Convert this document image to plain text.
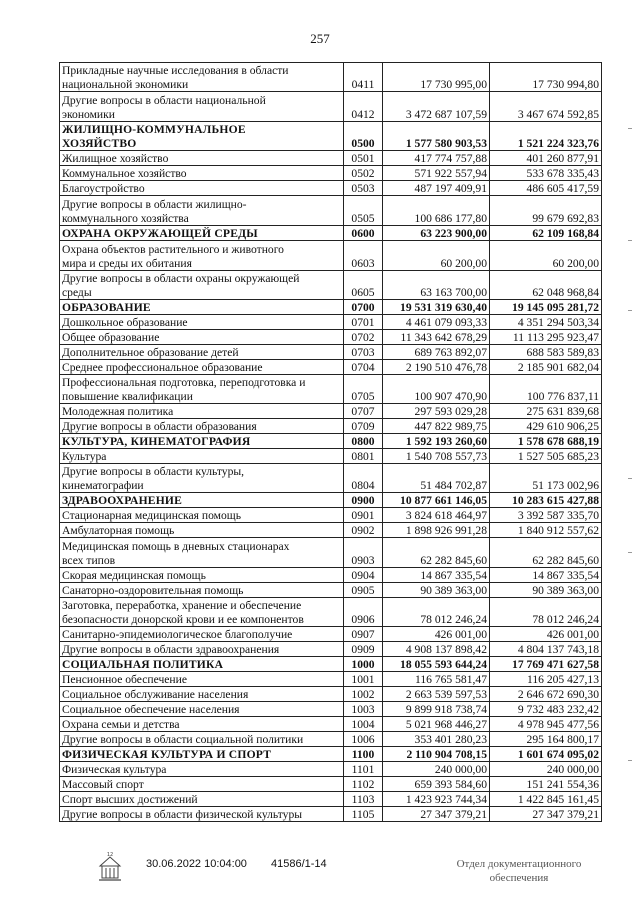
257
Прикладные научные исследования в области
национальной экономики	0411	17 730 995,00	17 730 994,80
Другие вопросы в области национальной
экономики	0412	3 472 687 107,59	3 467 674 592,85
ЖИЛИЩНО-КОММУНАЛЬНОЕ
ХОЗЯЙСТВО	0500	1 577 580 903,53	1 521 224 323,76
Жилищное хозяйство	0501	417 774 757,88	401 260 877,91
Коммунальное хозяйство	0502	571 922 557,94	533 678 335,43
Благоустройство	0503	487 197 409,91	486 605 417,59
Другие вопросы в области жилищно-
коммунального хозяйства	0505	100 686 177,80	99 679 692,83
ОХРАНА ОКРУЖАЮЩЕЙ СРЕДЫ	0600	63 223 900,00	62 109 168,84
Охрана объектов растительного и животного
мира и среды их обитания	0603	60 200,00	60 200,00
Другие вопросы в области охраны окружающей
среды	0605	63 163 700,00	62 048 968,84
ОБРАЗОВАНИЕ	0700	19 531 319 630,40	19 145 095 281,72
Дошкольное образование	0701	4 461 079 093,33	4 351 294 503,34
Общее образование	0702	11 343 642 678,29	11 113 295 923,47
Дополнительное образование детей	0703	689 763 892,07	688 583 589,83
Среднее профессиональное образование	0704	2 190 510 476,78	2 185 901 682,04
Профессиональная подготовка, переподготовка и
повышение квалификации	0705	100 907 470,90	100 776 837,11
Молодежная политика	0707	297 593 029,28	275 631 839,68
Другие вопросы в области образования	0709	447 822 989,75	429 610 906,25
КУЛЬТУРА, КИНЕМАТОГРАФИЯ	0800	1 592 193 260,60	1 578 678 688,19
Культура	0801	1 540 708 557,73	1 527 505 685,23
Другие вопросы в области культуры,
кинематографии	0804	51 484 702,87	51 173 002,96
ЗДРАВООХРАНЕНИЕ	0900	10 877 661 146,05	10 283 615 427,88
Стационарная медицинская помощь	0901	3 824 618 464,97	3 392 587 335,70
Амбулаторная помощь	0902	1 898 926 991,28	1 840 912 557,62
Медицинская помощь в дневных стационарах
всех типов	0903	62 282 845,60	62 282 845,60
Скорая медицинская помощь	0904	14 867 335,54	14 867 335,54
Санаторно-оздоровительная помощь	0905	90 389 363,00	90 389 363,00
Заготовка, переработка, хранение и обеспечение
безопасности донорской крови и ее компонентов	0906	78 012 246,24	78 012 246,24
Санитарно-эпидемиологическое благополучие	0907	426 001,00	426 001,00
Другие вопросы в области здравоохранения	0909	4 908 137 898,42	4 804 137 743,18
СОЦИАЛЬНАЯ ПОЛИТИКА	1000	18 055 593 644,24	17 769 471 627,58
Пенсионное обеспечение	1001	116 765 581,47	116 205 427,13
Социальное обслуживание населения	1002	2 663 539 597,53	2 646 672 690,30
Социальное обеспечение населения	1003	9 899 918 738,74	9 732 483 232,42
Охрана семьи и детства	1004	5 021 968 446,27	4 978 945 477,56
Другие вопросы в области социальной политики	1006	353 401 280,23	295 164 800,17
ФИЗИЧЕСКАЯ КУЛЬТУРА И СПОРТ	1100	2 110 904 708,15	1 601 674 095,02
Физическая культура	1101	240 000,00	240 000,00
Массовый спорт	1102	659 393 584,60	151 241 554,36
Спорт высших достижений	1103	1 423 923 744,34	1 422 845 161,45
Другие вопросы в области физической культуры	1105	27 347 379,21	27 347 379,21
12
30.06.2022 10:04:00 41586/1-14	Отдел документационного
обеспечения
